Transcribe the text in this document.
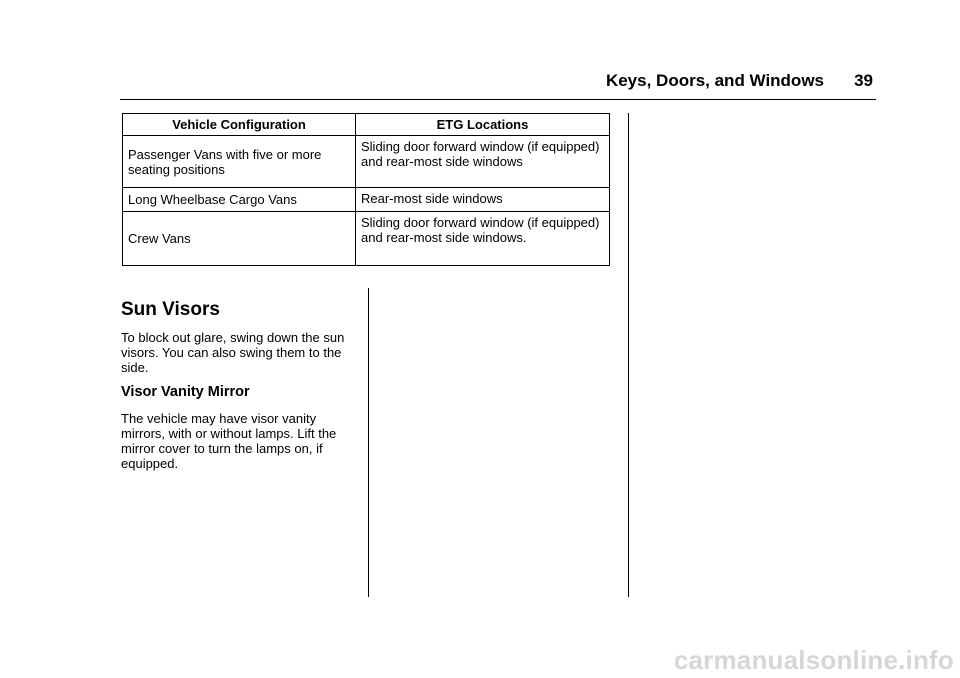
Keys, Doors, and Windows 39
Vehicle Configuration	ETG Locations
Passenger Vans with five or more seating positions	Sliding door forward window (if equipped) and rear-most side windows
Long Wheelbase Cargo Vans	Rear-most side windows
Crew Vans	Sliding door forward window (if equipped) and rear-most side windows.
Sun Visors

To block out glare, swing down the sun visors. You can also swing them to the side.

Visor Vanity Mirror

The vehicle may have visor vanity mirrors, with or without lamps. Lift the mirror cover to turn the lamps on, if equipped.

carmanualsonline.info
